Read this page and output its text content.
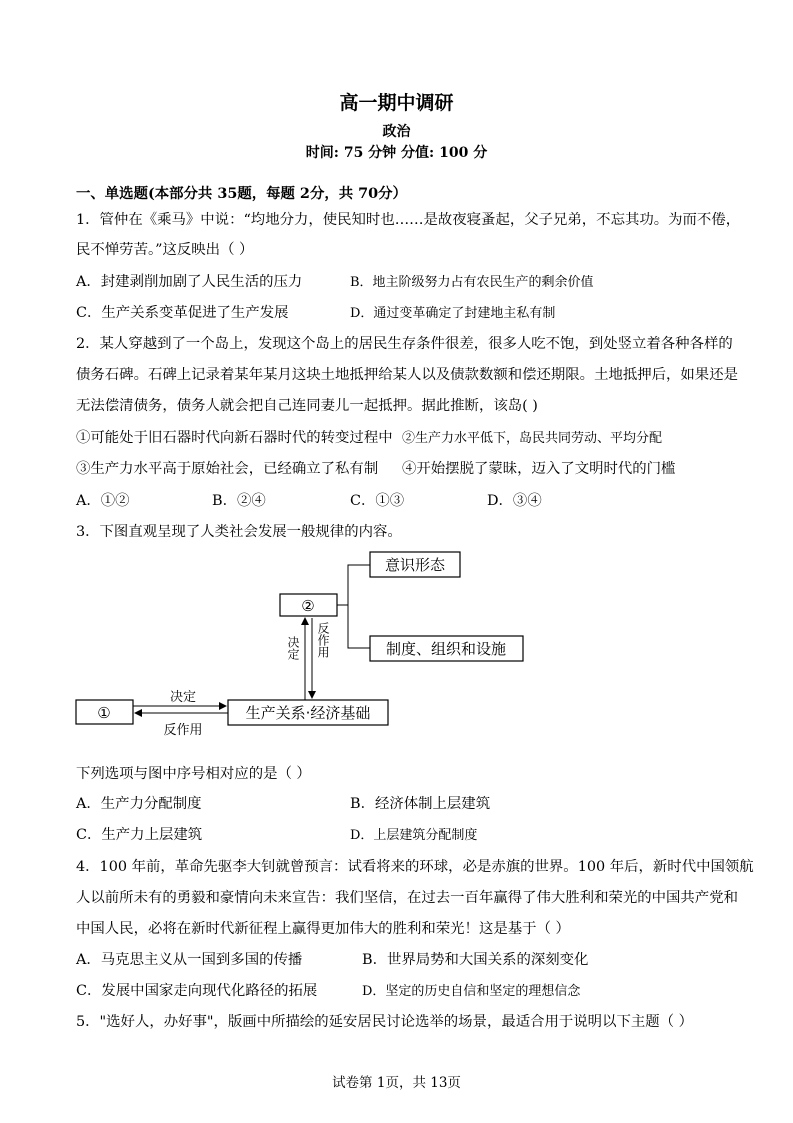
高一期中调研
政治
时间: 75 分钟 分值: 100 分
一、单选题(本部分共 35题，每题 2分，共 70分）
1．管仲在《乘马》中说：“均地分力，使民知时也……是故夜寝蚤起，父子兄弟，不忘其功。为而不倦，
民不惮劳苦。”这反映出（ ）
A．封建剥削加剧了人民生活的压力	B．地主阶级努力占有农民生产的剩余价值
C．生产关系变革促进了生产发展	D．通过变革确定了封建地主私有制
2．某人穿越到了一个岛上，发现这个岛上的居民生存条件很差，很多人吃不饱，到处竖立着各种各样的
债务石碑。石碑上记录着某年某月这块土地抵押给某人以及债款数额和偿还期限。土地抵押后，如果还是
无法偿清债务，债务人就会把自己连同妻儿一起抵押。据此推断，该岛( )
①可能处于旧石器时代向新石器时代的转变过程中 ②生产力水平低下，岛民共同劳动、平均分配
③生产力水平高于原始社会，已经确立了私有制 ④开始摆脱了蒙昧，迈入了文明时代的门槛
A．①②	B．②④	C．①③	D．③④
3．下图直观呈现了人类社会发展一般规律的内容。
意识形态
②
制度、组织和设施
①	生产关系·经济基础
决定 反作用
决定
反作用
下列选项与图中序号相对应的是（ ）
A．生产力分配制度	B．经济体制上层建筑
C．生产力上层建筑	D．上层建筑分配制度
4．100 年前，革命先驱李大钊就曾预言：试看将来的环球，必是赤旗的世界。100 年后，新时代中国领航
人以前所未有的勇毅和豪情向未来宣告：我们坚信，在过去一百年赢得了伟大胜利和荣光的中国共产党和
中国人民，必将在新时代新征程上赢得更加伟大的胜利和荣光！这是基于（ ）
A．马克思主义从一国到多国的传播	B．世界局势和大国关系的深刻变化
C．发展中国家走向现代化路径的拓展	D．坚定的历史自信和坚定的理想信念
5．"选好人，办好事"，版画中所描绘的延安居民讨论选举的场景，最适合用于说明以下主题（ ）
试卷第 1页，共 13页
